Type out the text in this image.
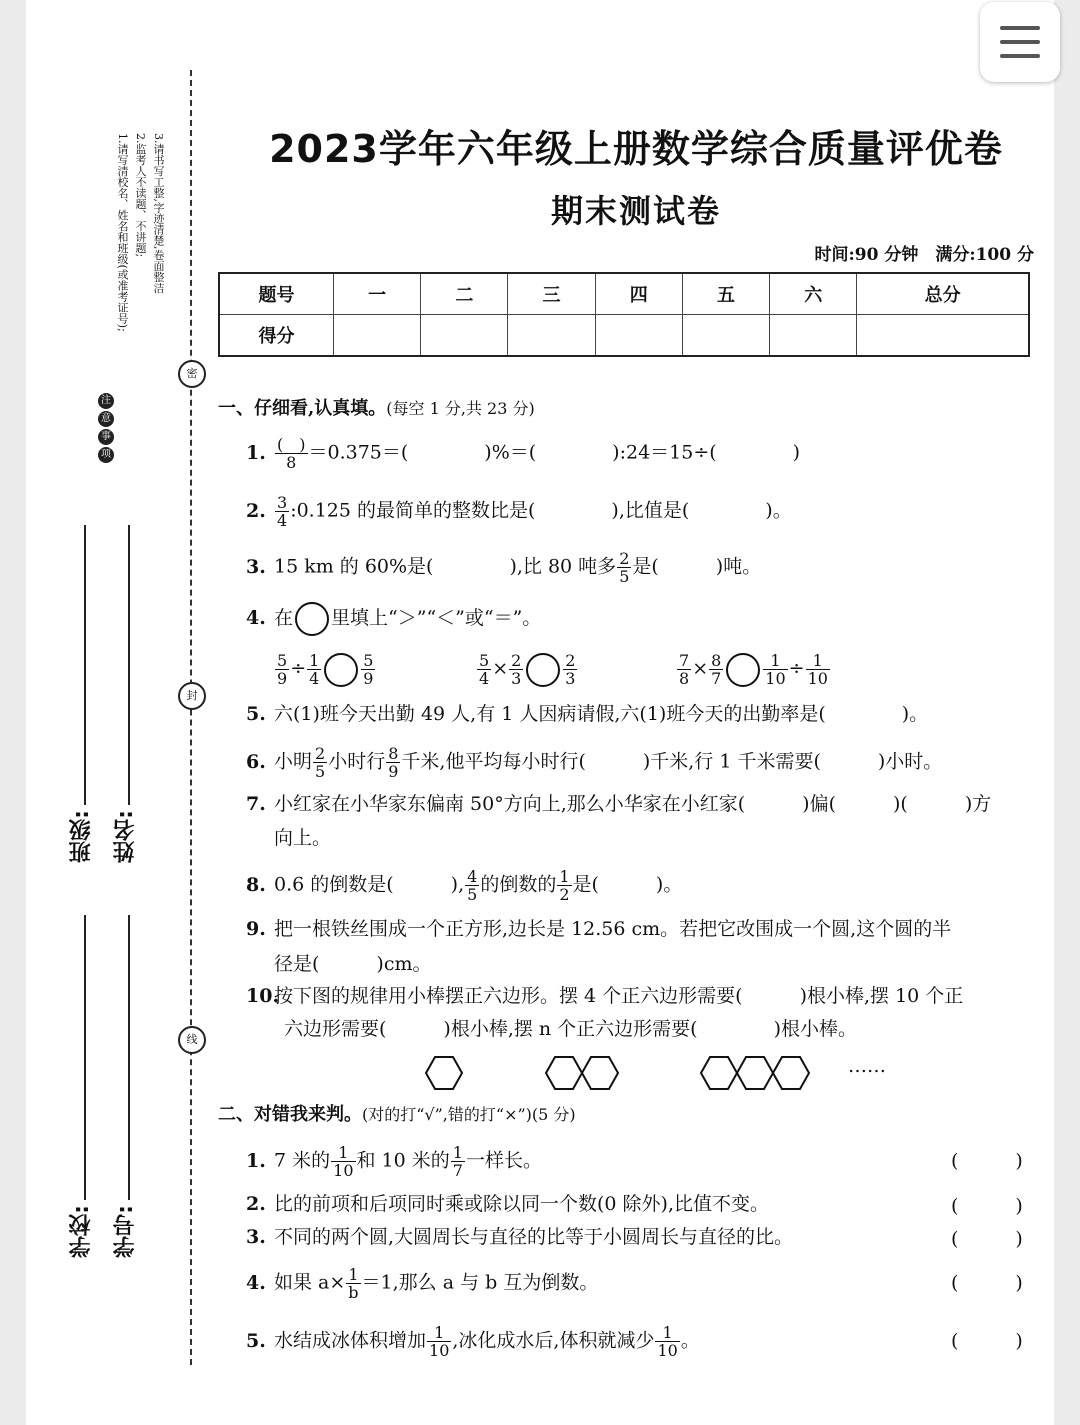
密
封
线
注
意
事
项
1.请写清校名、姓名和班级(或准考证号); 2.监考人不读题、不讲题; 3.请书写工整,字迹清楚,卷面整洁
班级: 姓名:
学校: 学号:
2023学年六年级上册数学综合质量评优卷
期末测试卷
时间:90 分钟　满分:100 分
题号	一	二	三	四	五	六	总分
得分							
一、仔细看,认真填。(每空 1 分,共 23 分)
1. $\frac{( )}{8} =0.375=$(　　　　)%＝(　　　　):24＝15÷(　　　　)
2. $\frac{3}{4}$ :0.125 的最简单的整数比是(　　　　),比值是(　　　　)。
3. 15 km 的 60%是(　　　　),比 80 吨多 $\frac{2}{5}$ 是(　　　)吨。
4. 在 里填上“＞”“＜”或“＝”。
$\frac{5}{9} \div \frac{1}{4}$	$\frac{5}{9}$	$\frac{5}{4} \times \frac{2}{3}$	$\frac{2}{3}$	$\frac{7}{8} \times \frac{8}{7}$	$\frac{1}{10} \div \frac{1}{10}$
5. 六(1)班今天出勤 49 人,有 1 人因病请假,六(1)班今天的出勤率是(　　　　)。
6. 小明 $\frac{2}{5}$ 小时行 $\frac{8}{9}$ 千米,他平均每小时行(　　　)千米,行 1 千米需要(　　　)小时。
7. 小红家在小华家东偏南 50°方向上,那么小华家在小红家(　　　)偏(　　　)(　　　)方
向上。
8. 0.6 的倒数是(　　　), $\frac{4}{5}$ 的倒数的 $\frac{1}{2}$ 是(　　　)。
9. 把一根铁丝围成一个正方形,边长是 12.56 cm。若把它改围成一个圆,这个圆的半
径是(　　　)cm。
10.按下图的规律用小棒摆正六边形。摆 4 个正六边形需要(　　　)根小棒,摆 10 个正
六边形需要(　　　)根小棒,摆 n 个正六边形需要(　　　　)根小棒。
……
二、对错我来判。(对的打“√”,错的打“×”)(5 分)
1. 7 米的 $\frac{1}{10}$ 和 10 米的 $\frac{1}{7}$ 一样长。	(　　　)
2. 比的前项和后项同时乘或除以同一个数(0 除外),比值不变。	(　　　)
3. 不同的两个圆,大圆周长与直径的比等于小圆周长与直径的比。	(　　　)
4. 如果 $a\times \frac{1}{b} =1$,那么 a 与 b 互为倒数。	(　　　)
5. 水结成冰体积增加 $\frac{1}{10}$ ,冰化成水后,体积就减少 $\frac{1}{10}$ 。	(　　　)
